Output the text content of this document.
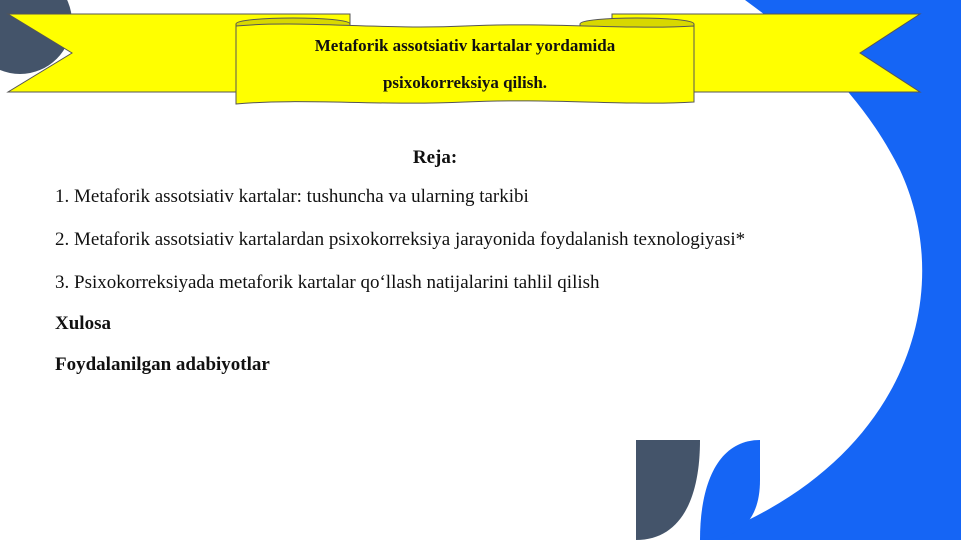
Metaforik assotsiativ kartalar yordamida
psixokorreksiya qilish.
Reja:
1. Metaforik assotsiativ kartalar: tushuncha va ularning tarkibi
2. Metaforik assotsiativ kartalardan psixokorreksiya jarayonida foydalanish texnologiyasi*
3. Psixokorreksiyada metaforik kartalar qo‘llash natijalarini tahlil qilish
Xulosa
Foydalanilgan adabiyotlar
